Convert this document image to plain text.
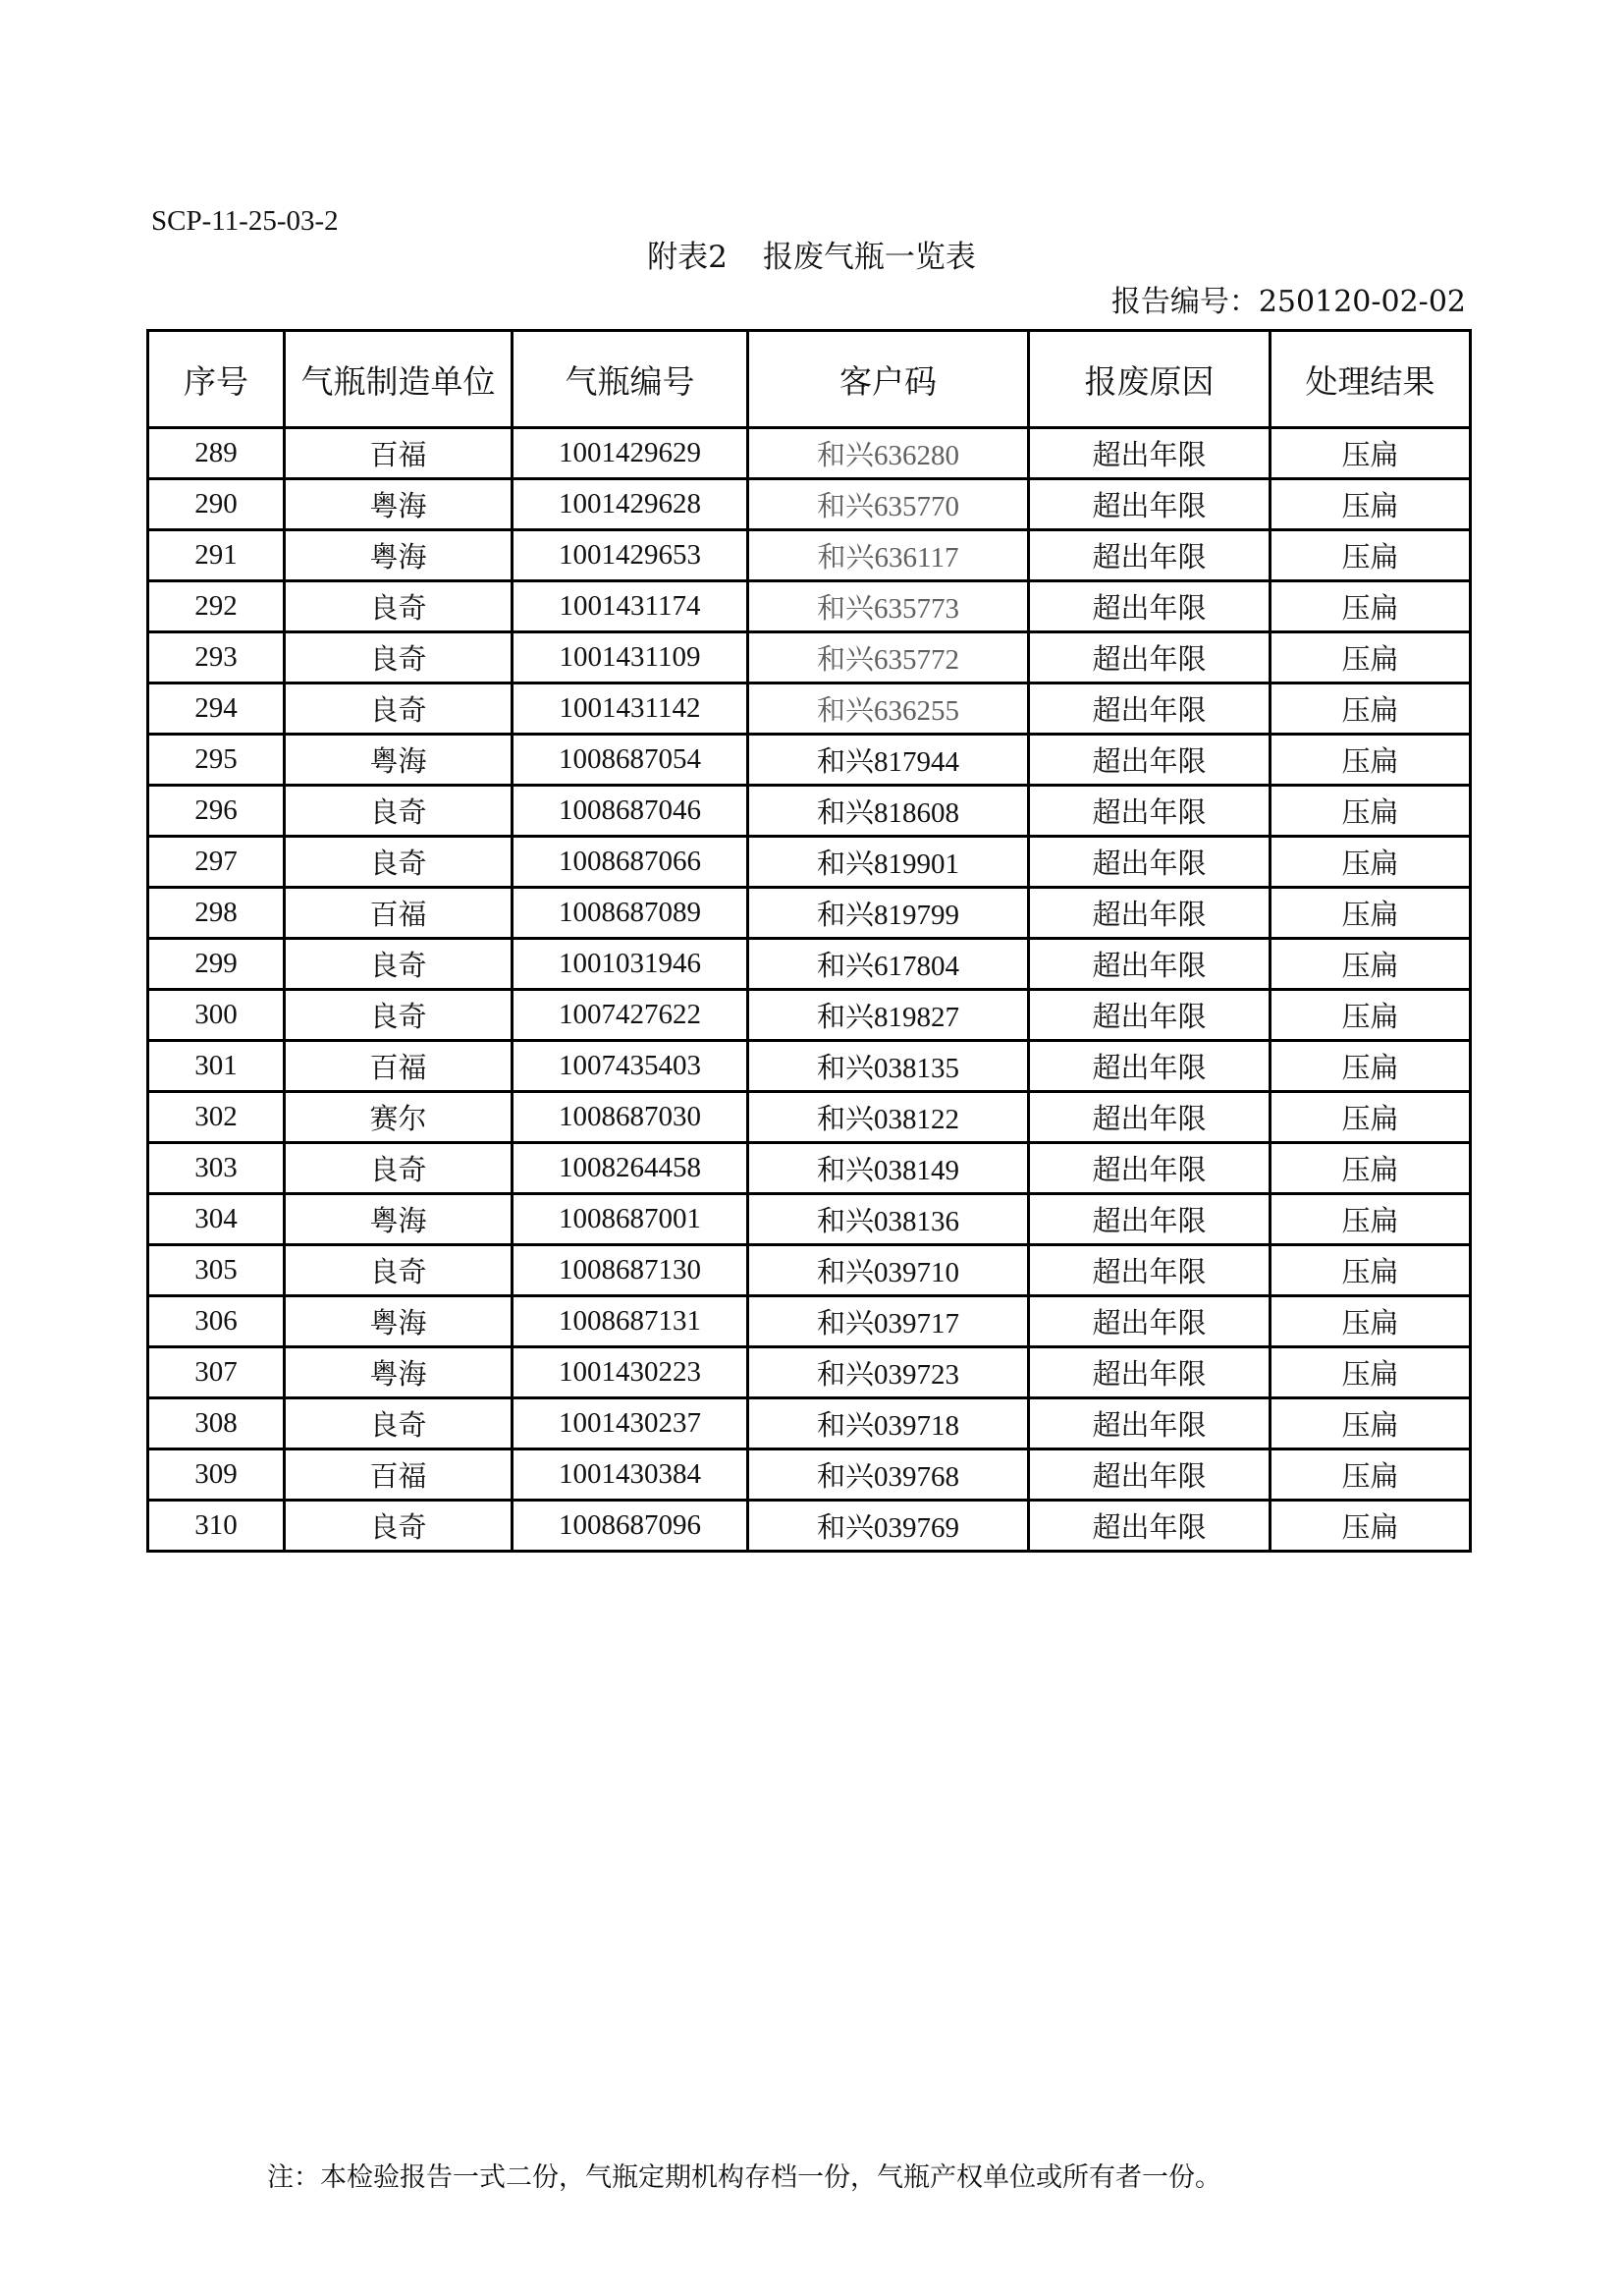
SCP-11-25-03-2
附表2 报废气瓶一览表
报告编号：250120-02-02
序号	气瓶制造单位	气瓶编号	客户码	报废原因	处理结果
289	百福	1001429629	和兴636280	超出年限	压扁
290	粤海	1001429628	和兴635770	超出年限	压扁
291	粤海	1001429653	和兴636117	超出年限	压扁
292	良奇	1001431174	和兴635773	超出年限	压扁
293	良奇	1001431109	和兴635772	超出年限	压扁
294	良奇	1001431142	和兴636255	超出年限	压扁
295	粤海	1008687054	和兴817944	超出年限	压扁
296	良奇	1008687046	和兴818608	超出年限	压扁
297	良奇	1008687066	和兴819901	超出年限	压扁
298	百福	1008687089	和兴819799	超出年限	压扁
299	良奇	1001031946	和兴617804	超出年限	压扁
300	良奇	1007427622	和兴819827	超出年限	压扁
301	百福	1007435403	和兴038135	超出年限	压扁
302	赛尔	1008687030	和兴038122	超出年限	压扁
303	良奇	1008264458	和兴038149	超出年限	压扁
304	粤海	1008687001	和兴038136	超出年限	压扁
305	良奇	1008687130	和兴039710	超出年限	压扁
306	粤海	1008687131	和兴039717	超出年限	压扁
307	粤海	1001430223	和兴039723	超出年限	压扁
308	良奇	1001430237	和兴039718	超出年限	压扁
309	百福	1001430384	和兴039768	超出年限	压扁
310	良奇	1008687096	和兴039769	超出年限	压扁
注：本检验报告一式二份，气瓶定期机构存档一份，气瓶产权单位或所有者一份。
